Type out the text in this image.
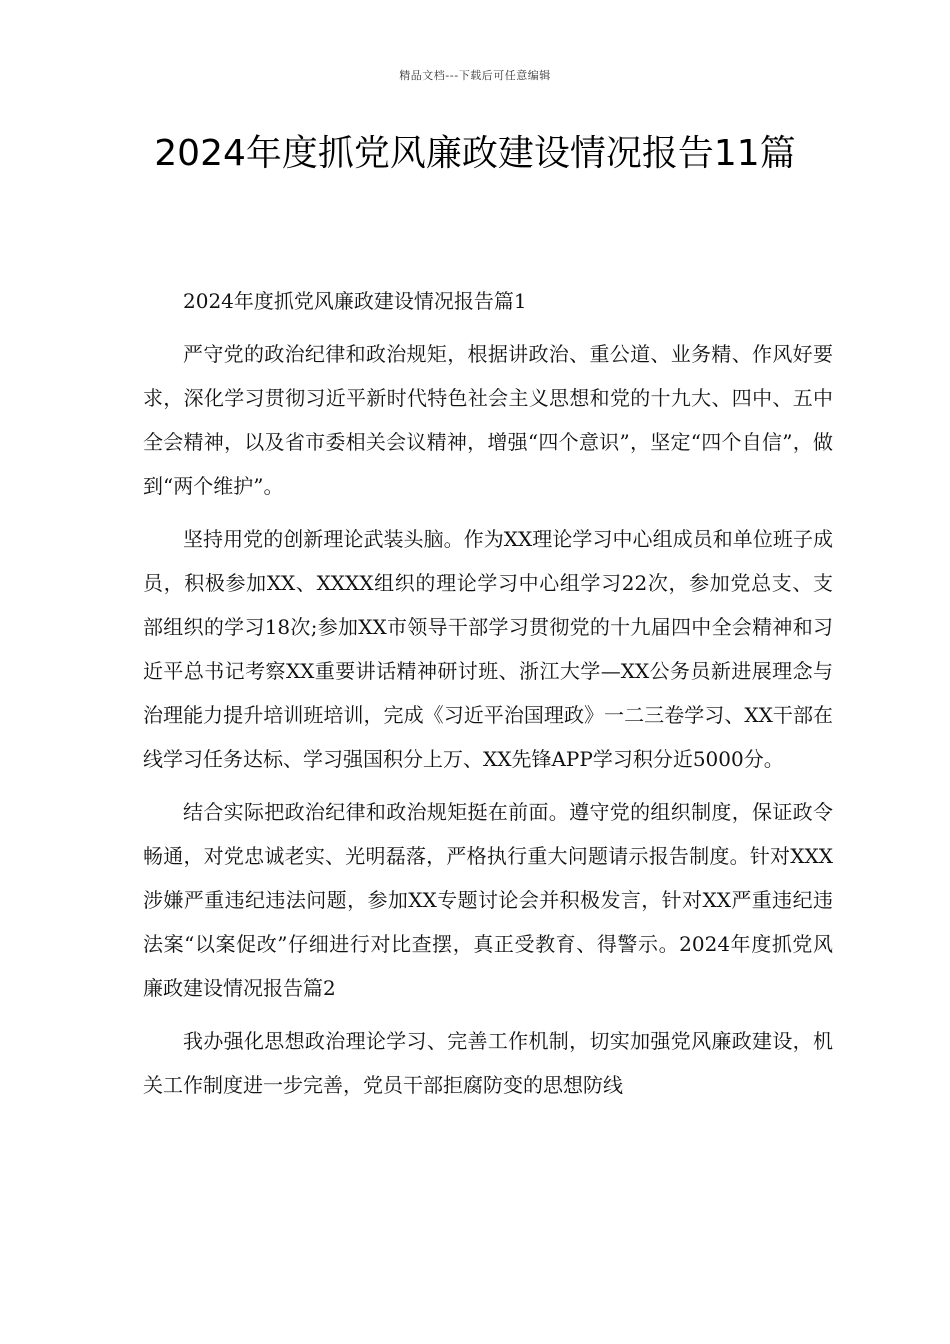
精品文档---下载后可任意编辑
2024年度抓党风廉政建设情况报告11篇

2024年度抓党风廉政建设情况报告篇1

严守党的政治纪律和政治规矩，根据讲政治、重公道、业务精、作风好要求，深化学习贯彻习近平新时代特色社会主义思想和党的十九大、四中、五中全会精神，以及省市委相关会议精神，增强“四个意识”，坚定“四个自信”，做到“两个维护”。

坚持用党的创新理论武装头脑。作为XX理论学习中心组成员和单位班子成员，积极参加XX、XXXX组织的理论学习中心组学习22次，参加党总支、支部组织的学习18次;参加XX市领导干部学习贯彻党的十九届四中全会精神和习近平总书记考察XX重要讲话精神研讨班、浙江大学—XX公务员新进展理念与治理能力提升培训班培训，完成《习近平治国理政》一二三卷学习、XX干部在线学习任务达标、学习强国积分上万、XX先锋APP学习积分近5000分。

结合实际把政治纪律和政治规矩挺在前面。遵守党的组织制度，保证政令畅通，对党忠诚老实、光明磊落，严格执行重大问题请示报告制度。针对XXX涉嫌严重违纪违法问题，参加XX专题讨论会并积极发言，针对XX严重违纪违法案“以案促改”仔细进行对比查摆，真正受教育、得警示。2024年度抓党风廉政建设情况报告篇2

我办强化思想政治理论学习、完善工作机制，切实加强党风廉政建设，机关工作制度进一步完善，党员干部拒腐防变的思想防线
